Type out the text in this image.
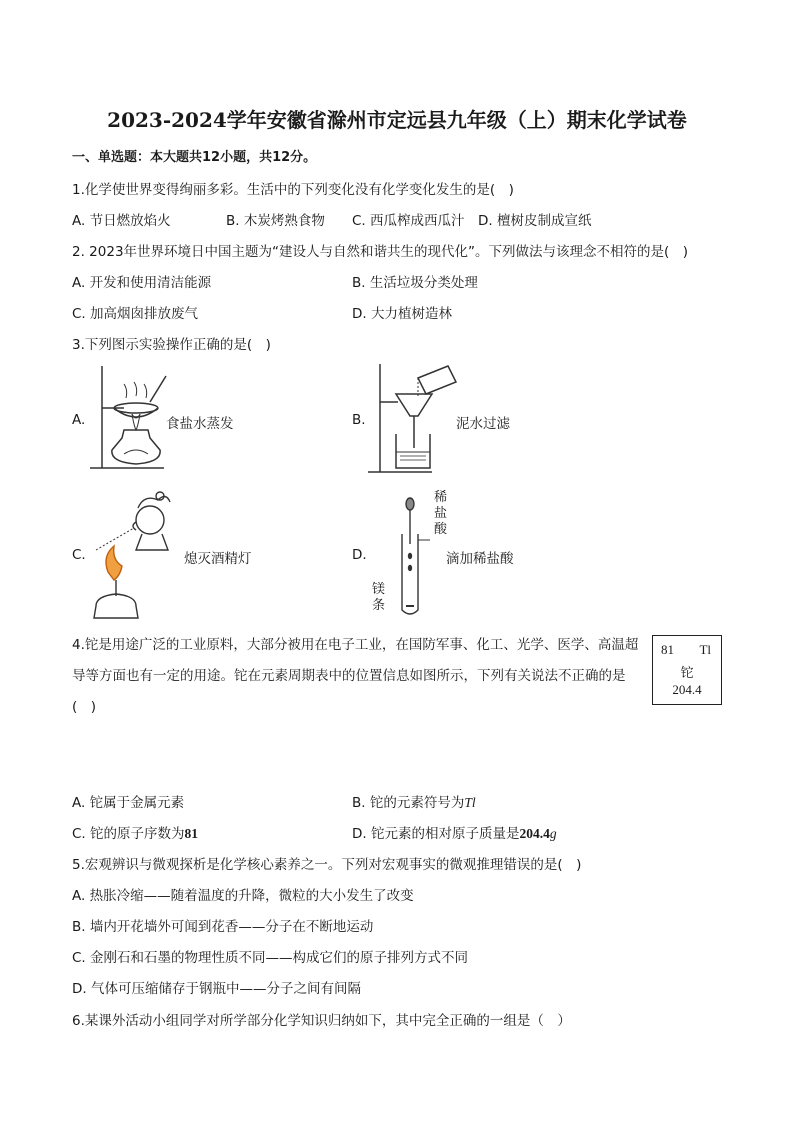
2023-2024学年安徽省滁州市定远县九年级（上）期末化学试卷
一、单选题：本大题共12小题，共12分。
1.化学使世界变得绚丽多彩。生活中的下列变化没有化学变化发生的是(　)
A. 节日燃放焰火	B. 木炭烤熟食物 C. 西瓜榨成西瓜汁 D. 檀树皮制成宣纸
2. 2023年世界环境日中国主题为“建设人与自然和谐共生的现代化”。下列做法与该理念不相符的是(　)
A. 开发和使用清洁能源	B. 生活垃圾分类处理
C. 加高烟囱排放废气	D. 大力植树造林
3.下列图示实验操作正确的是(　)
A.	食盐水蒸发	B.	泥水过滤
C.	熄灭酒精灯	D.
稀盐酸
镁条
滴加稀盐酸
4.铊是用途广泛的工业原料，大部分被用在电子工业，在国防军事、化工、光学、医学、高温超导等方面也有一定的用途。铊在元素周期表中的位置信息如图所示，下列有关说法不正确的是(　)
81 Tl
铊
204.4
A. 铊属于金属元素	B. 铊的元素符号为Tl
C. 铊的原子序数为81	D. 铊元素的相对原子质量是204.4g
5.宏观辨识与微观探析是化学核心素养之一。下列对宏观事实的微观推理错误的是(　)
A. 热胀冷缩——随着温度的升降，微粒的大小发生了改变
B. 墙内开花墙外可闻到花香——分子在不断地运动
C. 金刚石和石墨的物理性质不同——构成它们的原子排列方式不同
D. 气体可压缩储存于钢瓶中——分子之间有间隔
6.某课外活动小组同学对所学部分化学知识归纳如下，其中完全正确的一组是（　）
